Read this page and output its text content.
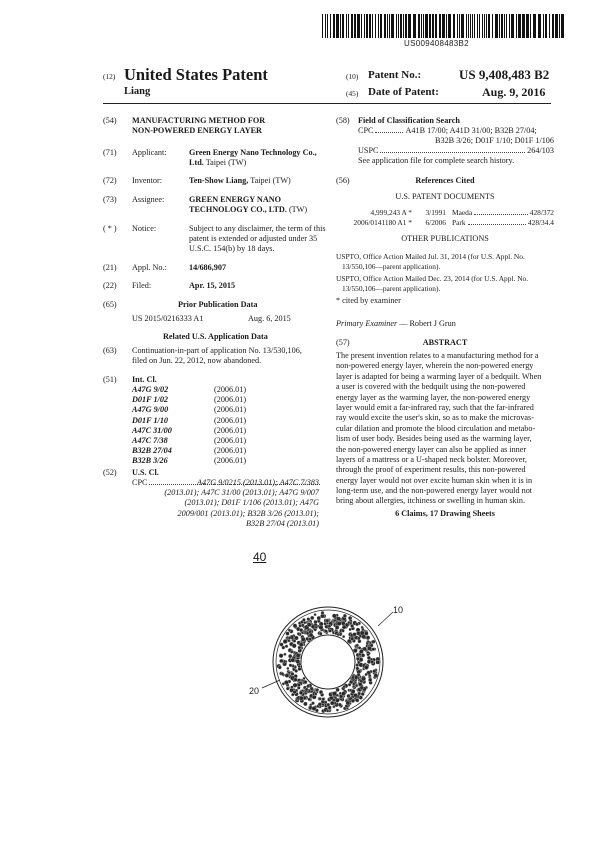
US009408483B2
(12) United States Patent
Liang
(10) Patent No.:	US 9,408,483 B2
(45) Date of Patent:	Aug. 9, 2016
(54) MANUFACTURING METHOD FOR
NON-POWERED ENERGY LAYER
(71) Applicant:	Green Energy Nano Technology Co.,
Ltd. Taipei (TW)
(72) Inventor:	Ten-Show Liang, Taipei (TW)
(73) Assignee:	GREEN ENERGY NANO
TECHNOLOGY CO., LTD. (TW)
( * ) Notice:	Subject to any disclaimer, the term of this
patent is extended or adjusted under 35
U.S.C. 154(b) by 18 days.
(21) Appl. No.:	14/686,907
(22) Filed:	Apr. 15, 2015
(65)	Prior Publication Data
US 2015/0216333 A1	Aug. 6, 2015
Related U.S. Application Data
(63) Continuation-in-part of application No. 13/530,106,
filed on Jun. 22, 2012, now abandoned.
(51) Int. Cl.
A47G 9/02	(2006.01)
D01F 1/02	(2006.01)
A47G 9/00	(2006.01)
D01F 1/10	(2006.01)
A47C 31/00	(2006.01)
A47C 7/38	(2006.01)
B32B 27/04	(2006.01)
B32B 3/26	(2006.01)
(52) U.S. Cl.
CPC	A47G 9/0215 (2013.01); A47C 7/383
(2013.01); A47C 31/00 (2013.01); A47G 9/007
(2013.01); D01F 1/106 (2013.01); A47G
2009/001 (2013.01); B32B 3/26 (2013.01);
B32B 27/04 (2013.01)
(58) Field of Classification Search
CPC	A41B 17/00; A41D 31/00; B32B 27/04;
B32B 3/26; D01F 1/10; D01F 1/106
USPC	264/103
See application file for complete search history.
(56)	References Cited
U.S. PATENT DOCUMENTS
4,999,243 A *	3/1991 Maeda	428/372
2006/0141180 A1 *	6/2006 Park	428/34.4
OTHER PUBLICATIONS
USPTO, Office Action Mailed Jul. 31, 2014 (for U.S. Appl. No.
13/550,106—parent application).
USPTO, Office Action Mailed Dec. 23, 2014 (for U.S. Appl. No.
13/550,106—parent application).
* cited by examiner
Primary Examiner — Robert J Grun
(57)	ABSTRACT
The present invention relates to a manufacturing method for a
non-powered energy layer, wherein the non-powered energy
layer is adapted for being a warming layer of a bedquilt. When
a user is covered with the bedquilt using the non-powered
energy layer as the warming layer, the non-powered energy
layer would emit a far-infrared ray, such that the far-infrared
ray would excite the user's skin, so as to make the microvas-
cular dilation and promote the blood circulation and metabo-
lism of user body. Besides being used as the warming layer,
the non-powered energy layer can also be applied as inner
layers of a mattress or a U-shaped neck bolster. Moreover,
through the proof of experiment results, this non-powered
energy layer would not over excite human skin when it is in
long-term use, and the non-powered energy layer would not
bring about allergies, itchiness or swelling in human skin.
6 Claims, 17 Drawing Sheets
40
10
20
